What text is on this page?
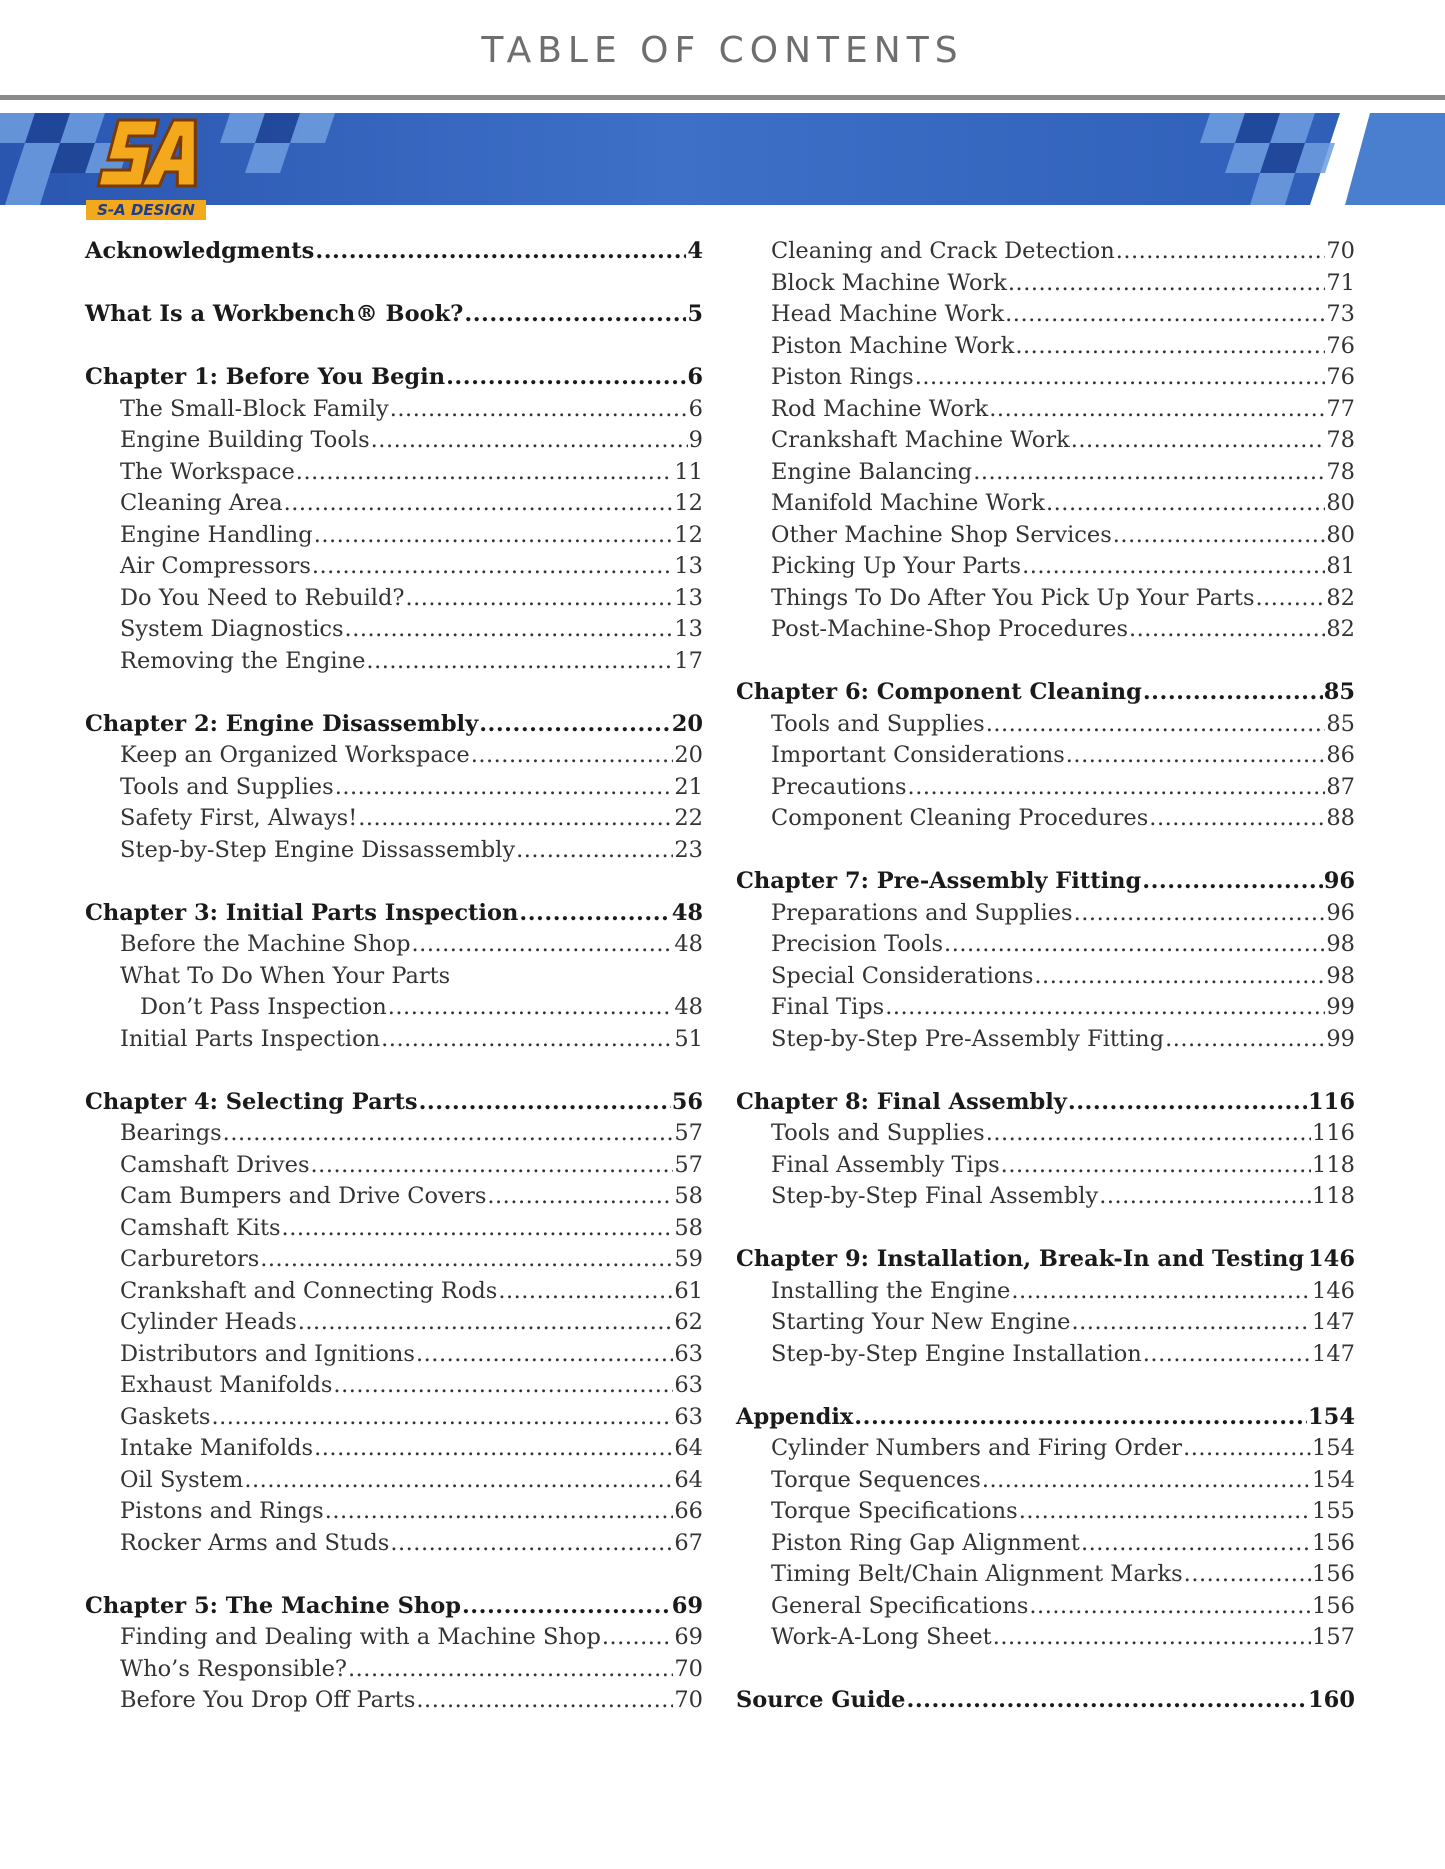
TABLE OF CONTENTS
S-A DESIGN
Acknowledgments .....	4
What Is a Workbench® Book? .....	5
Chapter 1: Before You Begin .....	6
The Small-Block Family .....	6
Engine Building Tools .....	9
The Workspace .....	11
Cleaning Area .....	12
Engine Handling .....	12
Air Compressors .....	13
Do You Need to Rebuild? .....	13
System Diagnostics .....	13
Removing the Engine .....	17
Chapter 2: Engine Disassembly .....	20
Keep an Organized Workspace .....	20
Tools and Supplies .....	21
Safety First, Always! .....	22
Step-by-Step Engine Dissassembly .....	23
Chapter 3: Initial Parts Inspection .....	48
Before the Machine Shop .....	48
What To Do When Your Parts
Don’t Pass Inspection .....	48
Initial Parts Inspection .....	51
Chapter 4: Selecting Parts .....	56
Bearings .....	57
Camshaft Drives .....	57
Cam Bumpers and Drive Covers .....	58
Camshaft Kits .....	58
Carburetors .....	59
Crankshaft and Connecting Rods .....	61
Cylinder Heads .....	62
Distributors and Ignitions .....	63
Exhaust Manifolds .....	63
Gaskets .....	63
Intake Manifolds .....	64
Oil System .....	64
Pistons and Rings .....	66
Rocker Arms and Studs .....	67
Chapter 5: The Machine Shop .....	69
Finding and Dealing with a Machine Shop .....	69
Who’s Responsible? .....	70
Before You Drop Off Parts .....	70
Cleaning and Crack Detection .....	70
Block Machine Work .....	71
Head Machine Work .....	73
Piston Machine Work .....	76
Piston Rings .....	76
Rod Machine Work .....	77
Crankshaft Machine Work .....	78
Engine Balancing .....	78
Manifold Machine Work .....	80
Other Machine Shop Services .....	80
Picking Up Your Parts .....	81
Things To Do After You Pick Up Your Parts .....	82
Post-Machine-Shop Procedures .....	82
Chapter 6: Component Cleaning .....	85
Tools and Supplies .....	85
Important Considerations .....	86
Precautions .....	87
Component Cleaning Procedures .....	88
Chapter 7: Pre-Assembly Fitting .....	96
Preparations and Supplies .....	96
Precision Tools .....	98
Special Considerations .....	98
Final Tips .....	99
Step-by-Step Pre-Assembly Fitting .....	99
Chapter 8: Final Assembly .....	116
Tools and Supplies .....	116
Final Assembly Tips .....	118
Step-by-Step Final Assembly .....	118
Chapter 9: Installation, Break-In and Testing ..... 146
Installing the Engine .....	146
Starting Your New Engine .....	147
Step-by-Step Engine Installation .....	147
Appendix .....	154
Cylinder Numbers and Firing Order .....	154
Torque Sequences .....	154
Torque Specifications .....	155
Piston Ring Gap Alignment .....	156
Timing Belt/Chain Alignment Marks .....	156
General Specifications .....	156
Work-A-Long Sheet .....	157
Source Guide .....	160
